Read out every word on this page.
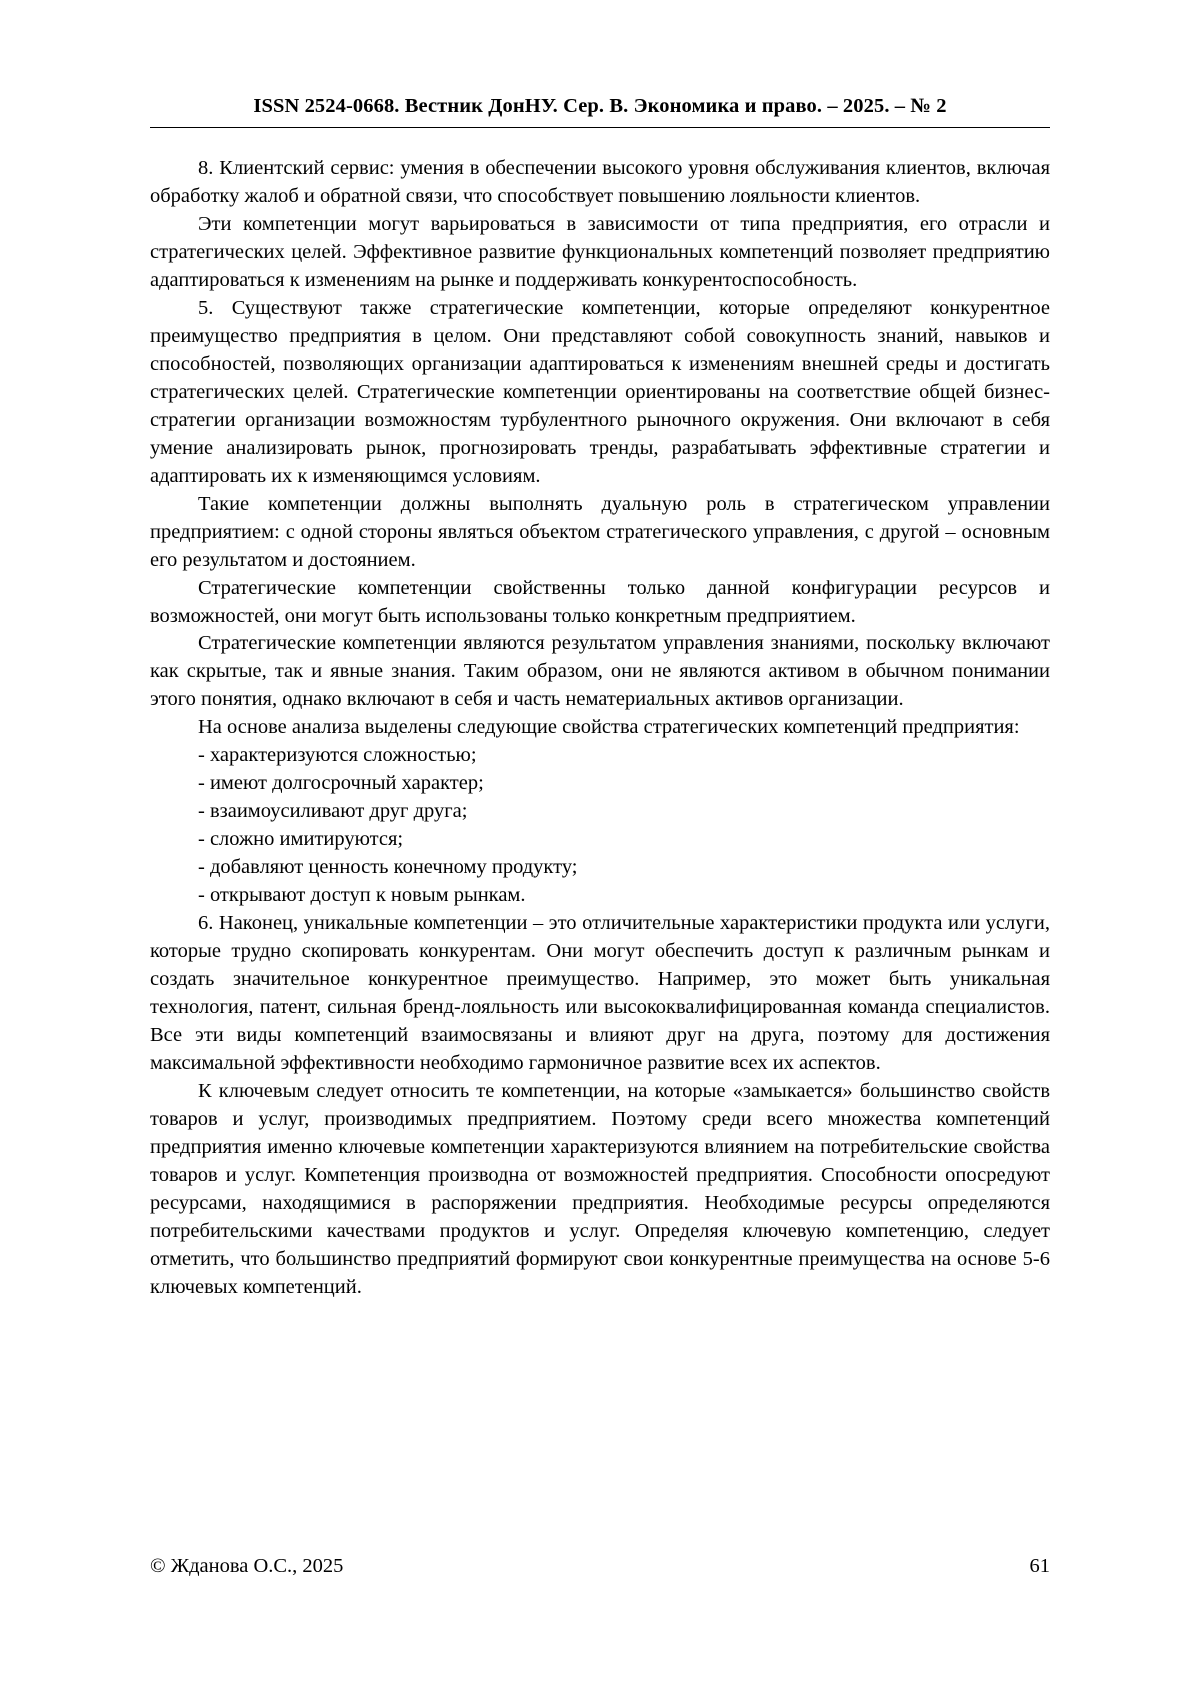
ISSN 2524-0668. Вестник ДонНУ. Сер. В. Экономика и право. – 2025. – № 2

8. Клиентский сервис: умения в обеспечении высокого уровня обслуживания клиентов, включая обработку жалоб и обратной связи, что способствует повышению лояльности клиентов.

Эти компетенции могут варьироваться в зависимости от типа предприятия, его отрасли и стратегических целей. Эффективное развитие функциональных компетенций позволяет предприятию адаптироваться к изменениям на рынке и поддерживать конкурентоспособность.

5. Существуют также стратегические компетенции, которые определяют конкурентное преимущество предприятия в целом. Они представляют собой совокупность знаний, навыков и способностей, позволяющих организации адаптироваться к изменениям внешней среды и достигать стратегических целей. Стратегические компетенции ориентированы на соответствие общей бизнес-стратегии организации возможностям турбулентного рыночного окружения. Они включают в себя умение анализировать рынок, прогнозировать тренды, разрабатывать эффективные стратегии и адаптировать их к изменяющимся условиям.

Такие компетенции должны выполнять дуальную роль в стратегическом управлении предприятием: с одной стороны являться объектом стратегического управления, с другой – основным его результатом и достоянием.

Стратегические компетенции свойственны только данной конфигурации ресурсов и возможностей, они могут быть использованы только конкретным предприятием.

Стратегические компетенции являются результатом управления знаниями, поскольку включают как скрытые, так и явные знания. Таким образом, они не являются активом в обычном понимании этого понятия, однако включают в себя и часть нематериальных активов организации.

На основе анализа выделены следующие свойства стратегических компетенций предприятия:

- характеризуются сложностью;

- имеют долгосрочный характер;

- взаимоусиливают друг друга;

- сложно имитируются;

- добавляют ценность конечному продукту;

- открывают доступ к новым рынкам.

6. Наконец, уникальные компетенции – это отличительные характеристики продукта или услуги, которые трудно скопировать конкурентам. Они могут обеспечить доступ к различным рынкам и создать значительное конкурентное преимущество. Например, это может быть уникальная технология, патент, сильная бренд-лояльность или высококвалифицированная команда специалистов. Все эти виды компетенций взаимосвязаны и влияют друг на друга, поэтому для достижения максимальной эффективности необходимо гармоничное развитие всех их аспектов.

К ключевым следует относить те компетенции, на которые «замыкается» большинство свойств товаров и услуг, производимых предприятием. Поэтому среди всего множества компетенций предприятия именно ключевые компетенции характеризуются влиянием на потребительские свойства товаров и услуг. Компетенция производна от возможностей предприятия. Способности опосредуют ресурсами, находящимися в распоряжении предприятия. Необходимые ресурсы определяются потребительскими качествами продуктов и услуг. Определяя ключевую компетенцию, следует отметить, что большинство предприятий формируют свои конкурентные преимущества на основе 5-6 ключевых компетенций.

© Жданова О.С., 2025	61
